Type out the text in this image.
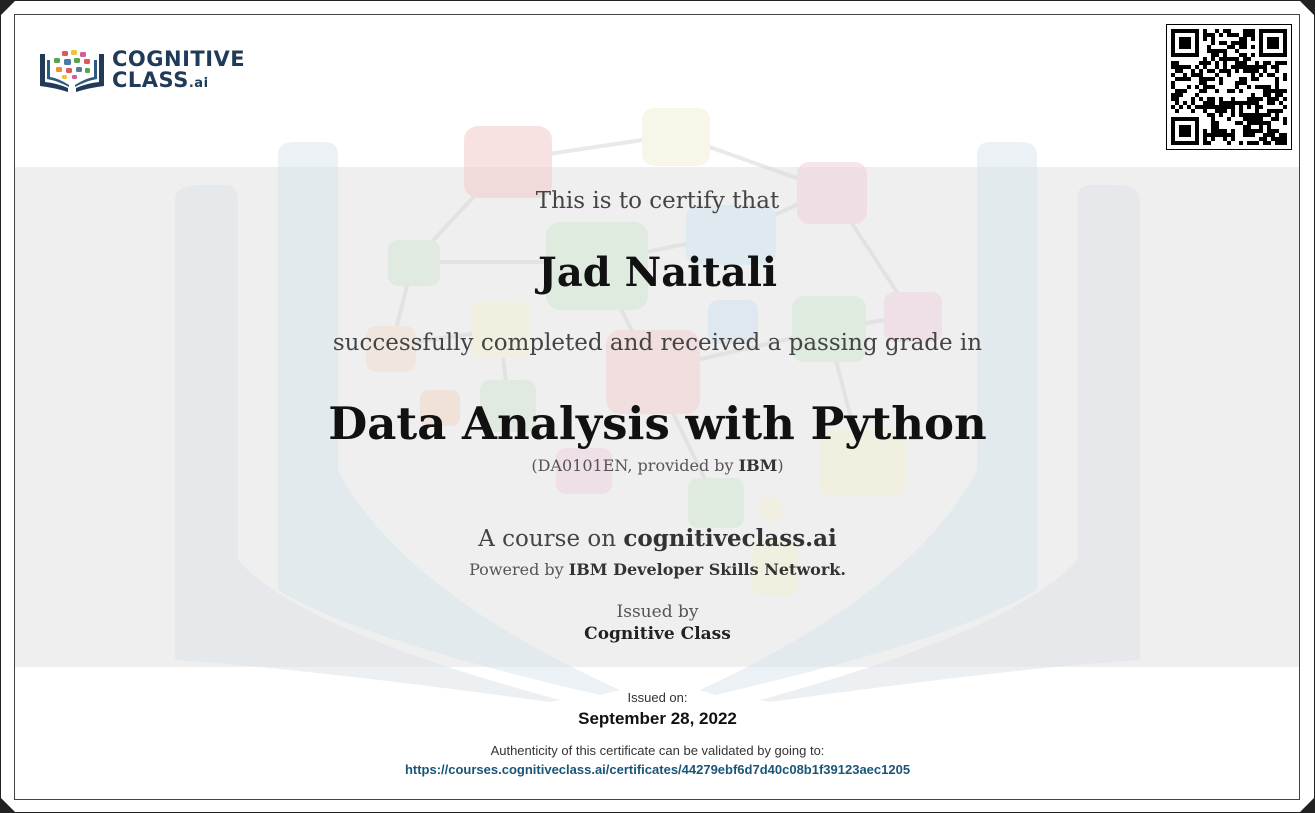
COGNITIVE
CLASS.ai
This is to certify that
Jad Naitali
successfully completed and received a passing grade in
Data Analysis with Python
(DA0101EN, provided by IBM)
A course on cognitiveclass.ai
Powered by IBM Developer Skills Network.
Issued by
Cognitive Class
Issued on:
September 28, 2022
Authenticity of this certificate can be validated by going to:
https://courses.cognitiveclass.ai/certificates/44279ebf6d7d40c08b1f39123aec1205
